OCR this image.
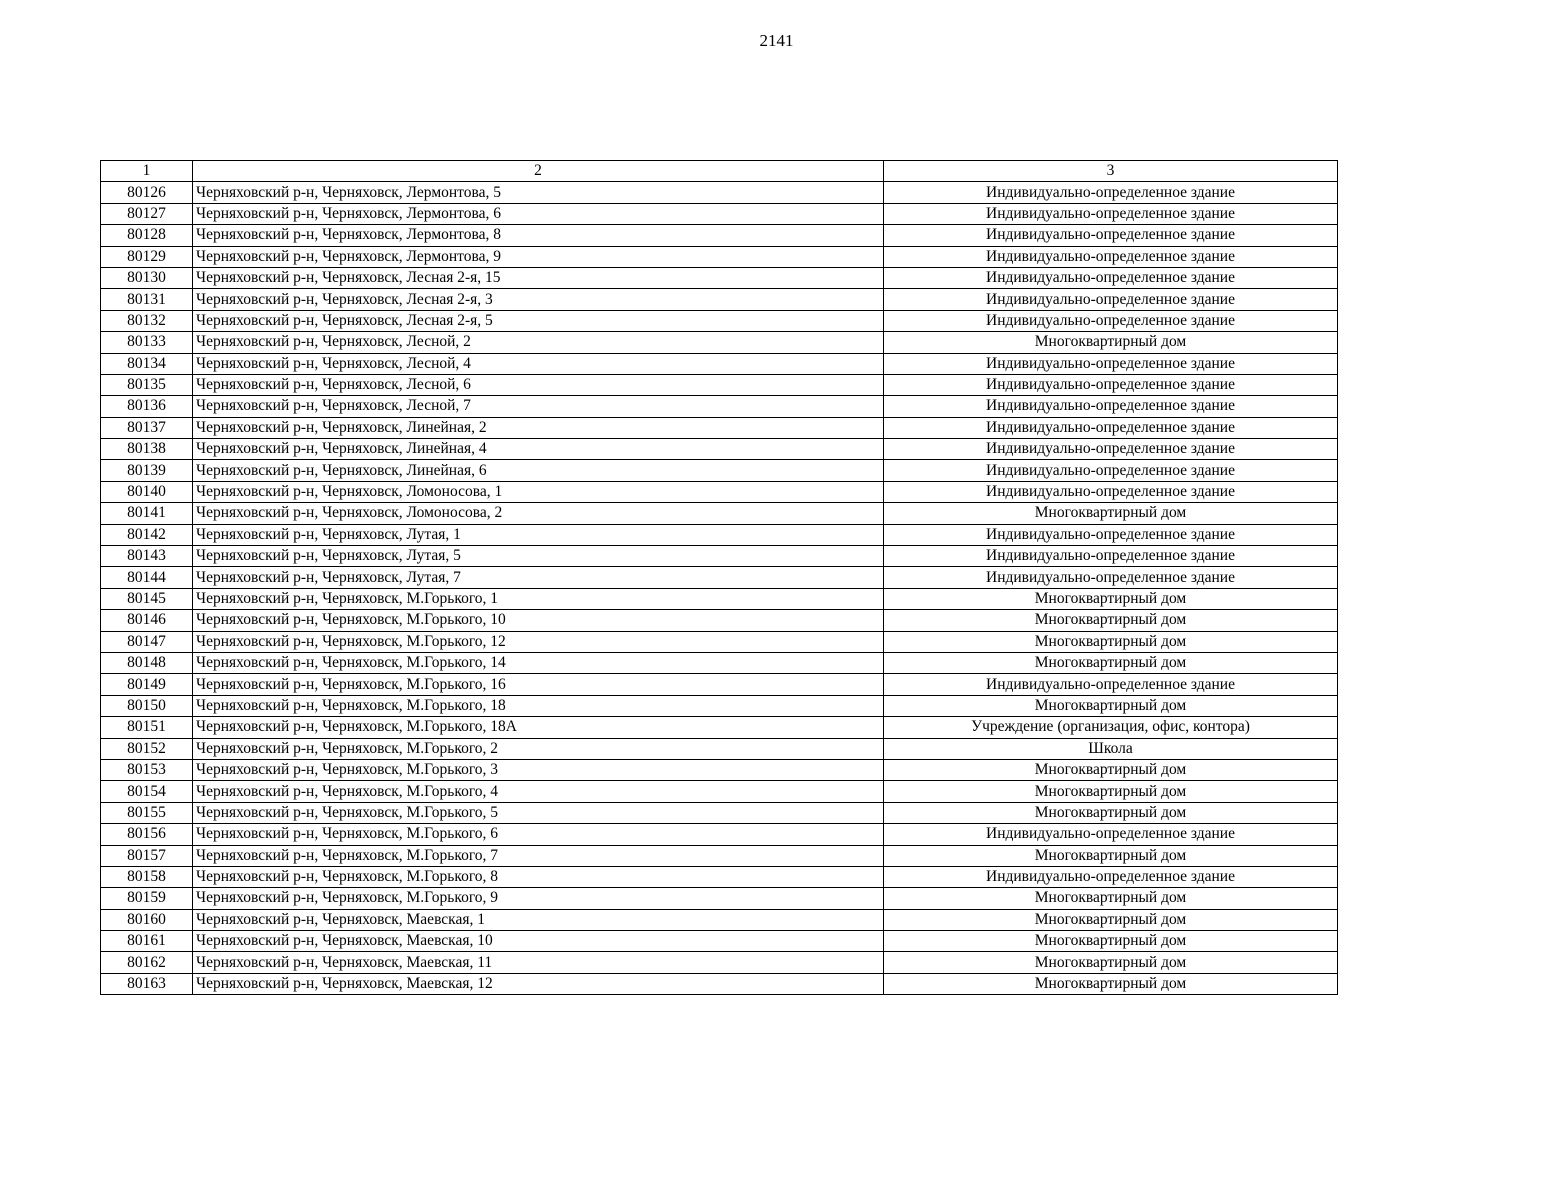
2141
1	2	3
80126	Черняховский р-н, Черняховск, Лермонтова, 5	Индивидуально-определенное здание
80127	Черняховский р-н, Черняховск, Лермонтова, 6	Индивидуально-определенное здание
80128	Черняховский р-н, Черняховск, Лермонтова, 8	Индивидуально-определенное здание
80129	Черняховский р-н, Черняховск, Лермонтова, 9	Индивидуально-определенное здание
80130	Черняховский р-н, Черняховск, Лесная 2-я, 15	Индивидуально-определенное здание
80131	Черняховский р-н, Черняховск, Лесная 2-я, 3	Индивидуально-определенное здание
80132	Черняховский р-н, Черняховск, Лесная 2-я, 5	Индивидуально-определенное здание
80133	Черняховский р-н, Черняховск, Лесной, 2	Многоквартирный дом
80134	Черняховский р-н, Черняховск, Лесной, 4	Индивидуально-определенное здание
80135	Черняховский р-н, Черняховск, Лесной, 6	Индивидуально-определенное здание
80136	Черняховский р-н, Черняховск, Лесной, 7	Индивидуально-определенное здание
80137	Черняховский р-н, Черняховск, Линейная, 2	Индивидуально-определенное здание
80138	Черняховский р-н, Черняховск, Линейная, 4	Индивидуально-определенное здание
80139	Черняховский р-н, Черняховск, Линейная, 6	Индивидуально-определенное здание
80140	Черняховский р-н, Черняховск, Ломоносова, 1	Индивидуально-определенное здание
80141	Черняховский р-н, Черняховск, Ломоносова, 2	Многоквартирный дом
80142	Черняховский р-н, Черняховск, Лутая, 1	Индивидуально-определенное здание
80143	Черняховский р-н, Черняховск, Лутая, 5	Индивидуально-определенное здание
80144	Черняховский р-н, Черняховск, Лутая, 7	Индивидуально-определенное здание
80145	Черняховский р-н, Черняховск, М.Горького, 1	Многоквартирный дом
80146	Черняховский р-н, Черняховск, М.Горького, 10	Многоквартирный дом
80147	Черняховский р-н, Черняховск, М.Горького, 12	Многоквартирный дом
80148	Черняховский р-н, Черняховск, М.Горького, 14	Многоквартирный дом
80149	Черняховский р-н, Черняховск, М.Горького, 16	Индивидуально-определенное здание
80150	Черняховский р-н, Черняховск, М.Горького, 18	Многоквартирный дом
80151	Черняховский р-н, Черняховск, М.Горького, 18А	Учреждение (организация, офис, контора)
80152	Черняховский р-н, Черняховск, М.Горького, 2	Школа
80153	Черняховский р-н, Черняховск, М.Горького, 3	Многоквартирный дом
80154	Черняховский р-н, Черняховск, М.Горького, 4	Многоквартирный дом
80155	Черняховский р-н, Черняховск, М.Горького, 5	Многоквартирный дом
80156	Черняховский р-н, Черняховск, М.Горького, 6	Индивидуально-определенное здание
80157	Черняховский р-н, Черняховск, М.Горького, 7	Многоквартирный дом
80158	Черняховский р-н, Черняховск, М.Горького, 8	Индивидуально-определенное здание
80159	Черняховский р-н, Черняховск, М.Горького, 9	Многоквартирный дом
80160	Черняховский р-н, Черняховск, Маевская, 1	Многоквартирный дом
80161	Черняховский р-н, Черняховск, Маевская, 10	Многоквартирный дом
80162	Черняховский р-н, Черняховск, Маевская, 11	Многоквартирный дом
80163	Черняховский р-н, Черняховск, Маевская, 12	Многоквартирный дом
